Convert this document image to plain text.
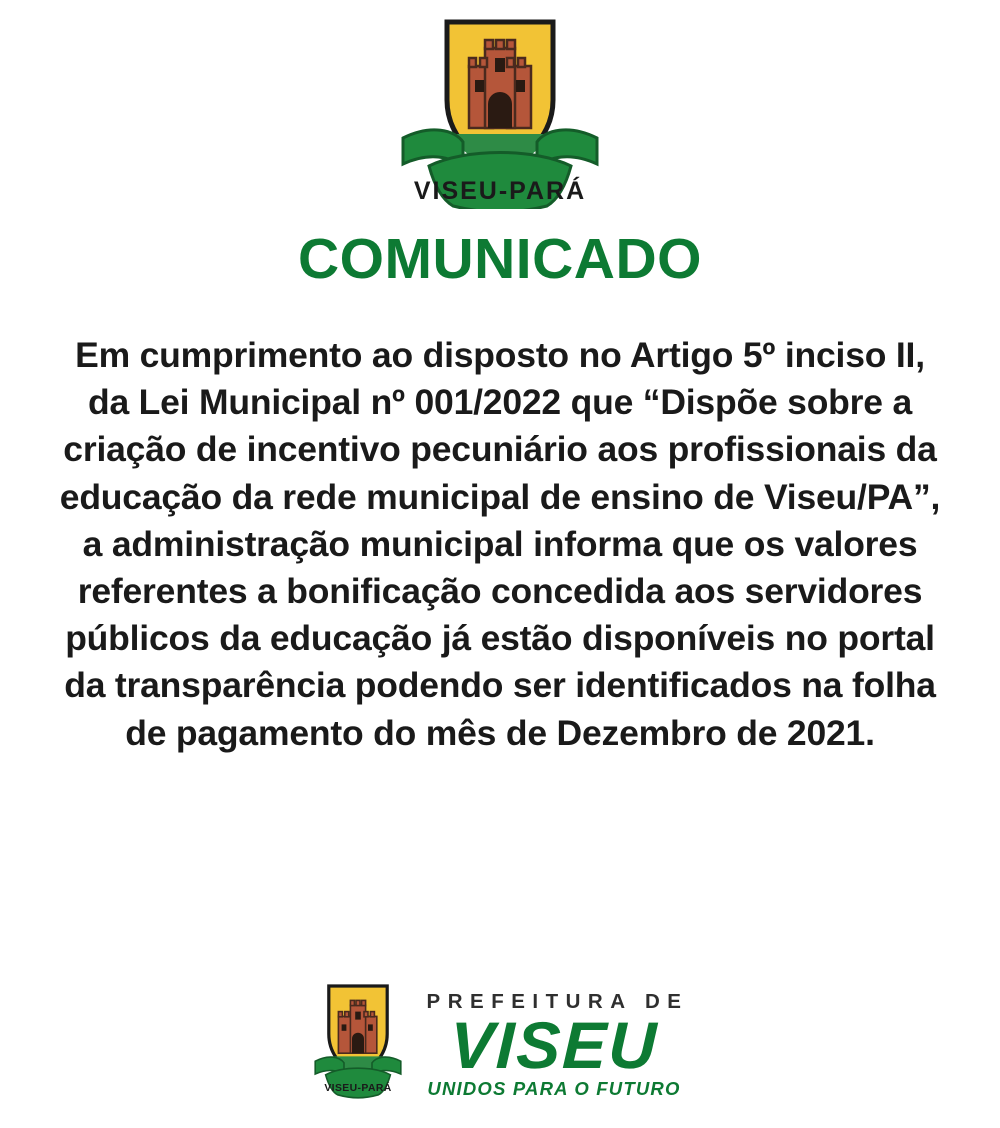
VISEU-PARÁ
COMUNICADO
Em cumprimento ao disposto no Artigo 5º inciso II, da Lei Municipal nº 001/2022 que “Dispõe sobre a criação de incentivo pecuniário aos profissionais da educação da rede municipal de ensino de Viseu/PA”, a administração municipal informa que os valores referentes a bonificação concedida aos servidores públicos da educação já estão disponíveis no portal da transparência podendo ser identificados na folha de pagamento do mês de Dezembro de 2021.
VISEU-PARÁ
PREFEITURA DE
VISEU
UNIDOS PARA O FUTURO
